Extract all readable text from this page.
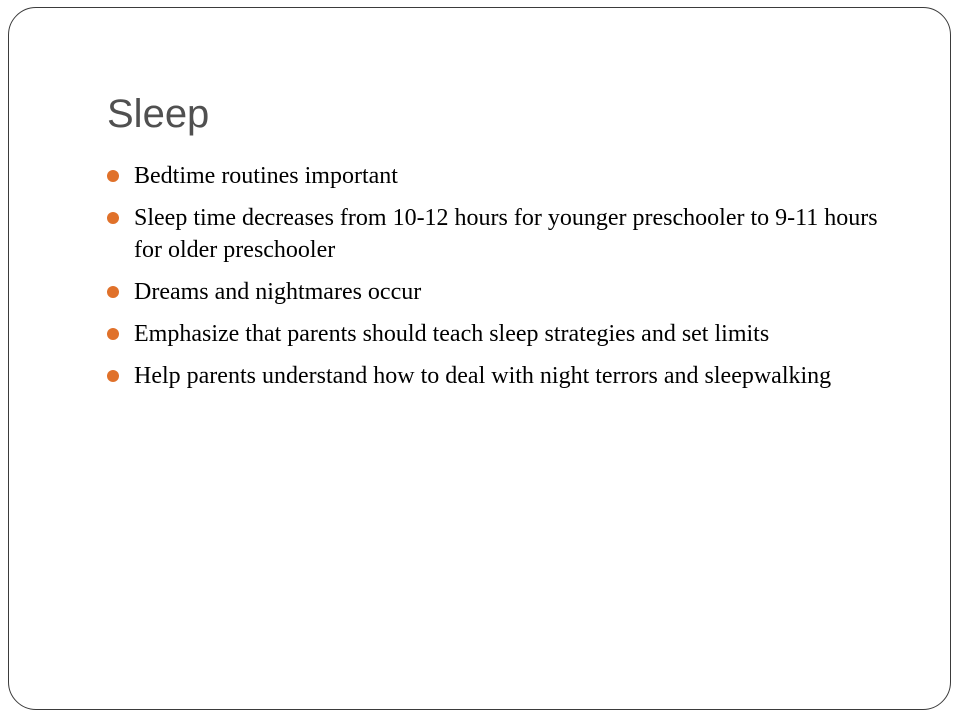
Sleep
Bedtime routines important
Sleep time decreases from 10-12 hours for younger preschooler to 9-11 hours for older preschooler
Dreams and nightmares occur
Emphasize that parents should teach sleep strategies and set limits
Help parents understand how to deal with night terrors and sleepwalking
